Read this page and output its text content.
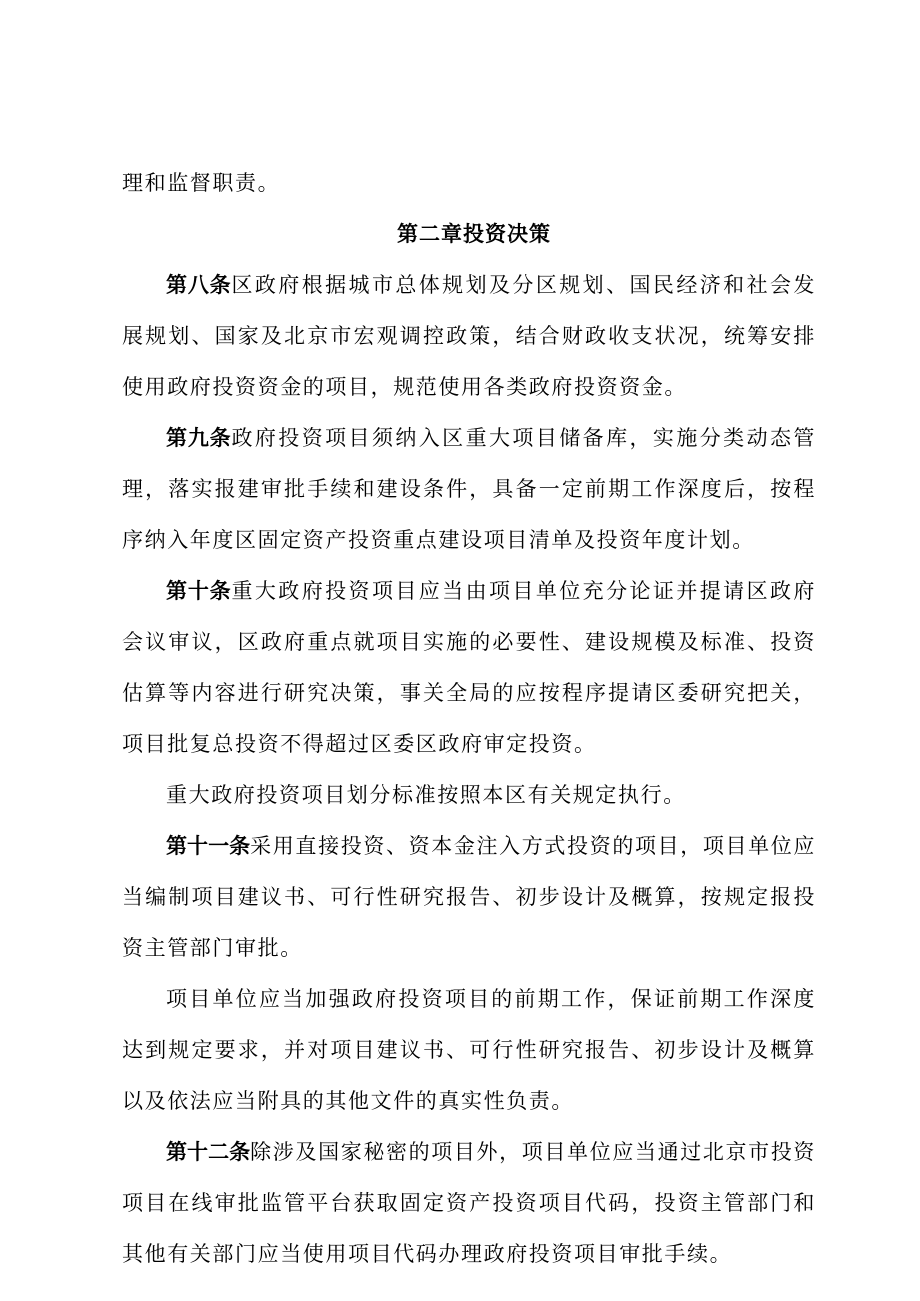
理和监督职责。

第二章投资决策

第八条区政府根据城市总体规划及分区规划、国民经济和社会发展规划、国家及北京市宏观调控政策，结合财政收支状况，统筹安排使用政府投资资金的项目，规范使用各类政府投资资金。

第九条政府投资项目须纳入区重大项目储备库，实施分类动态管理，落实报建审批手续和建设条件，具备一定前期工作深度后，按程序纳入年度区固定资产投资重点建设项目清单及投资年度计划。

第十条重大政府投资项目应当由项目单位充分论证并提请区政府会议审议，区政府重点就项目实施的必要性、建设规模及标准、投资估算等内容进行研究决策，事关全局的应按程序提请区委研究把关，项目批复总投资不得超过区委区政府审定投资。

重大政府投资项目划分标准按照本区有关规定执行。

第十一条采用直接投资、资本金注入方式投资的项目，项目单位应当编制项目建议书、可行性研究报告、初步设计及概算，按规定报投资主管部门审批。

项目单位应当加强政府投资项目的前期工作，保证前期工作深度达到规定要求，并对项目建议书、可行性研究报告、初步设计及概算以及依法应当附具的其他文件的真实性负责。

第十二条除涉及国家秘密的项目外，项目单位应当通过北京市投资项目在线审批监管平台获取固定资产投资项目代码，投资主管部门和其他有关部门应当使用项目代码办理政府投资项目审批手续。
